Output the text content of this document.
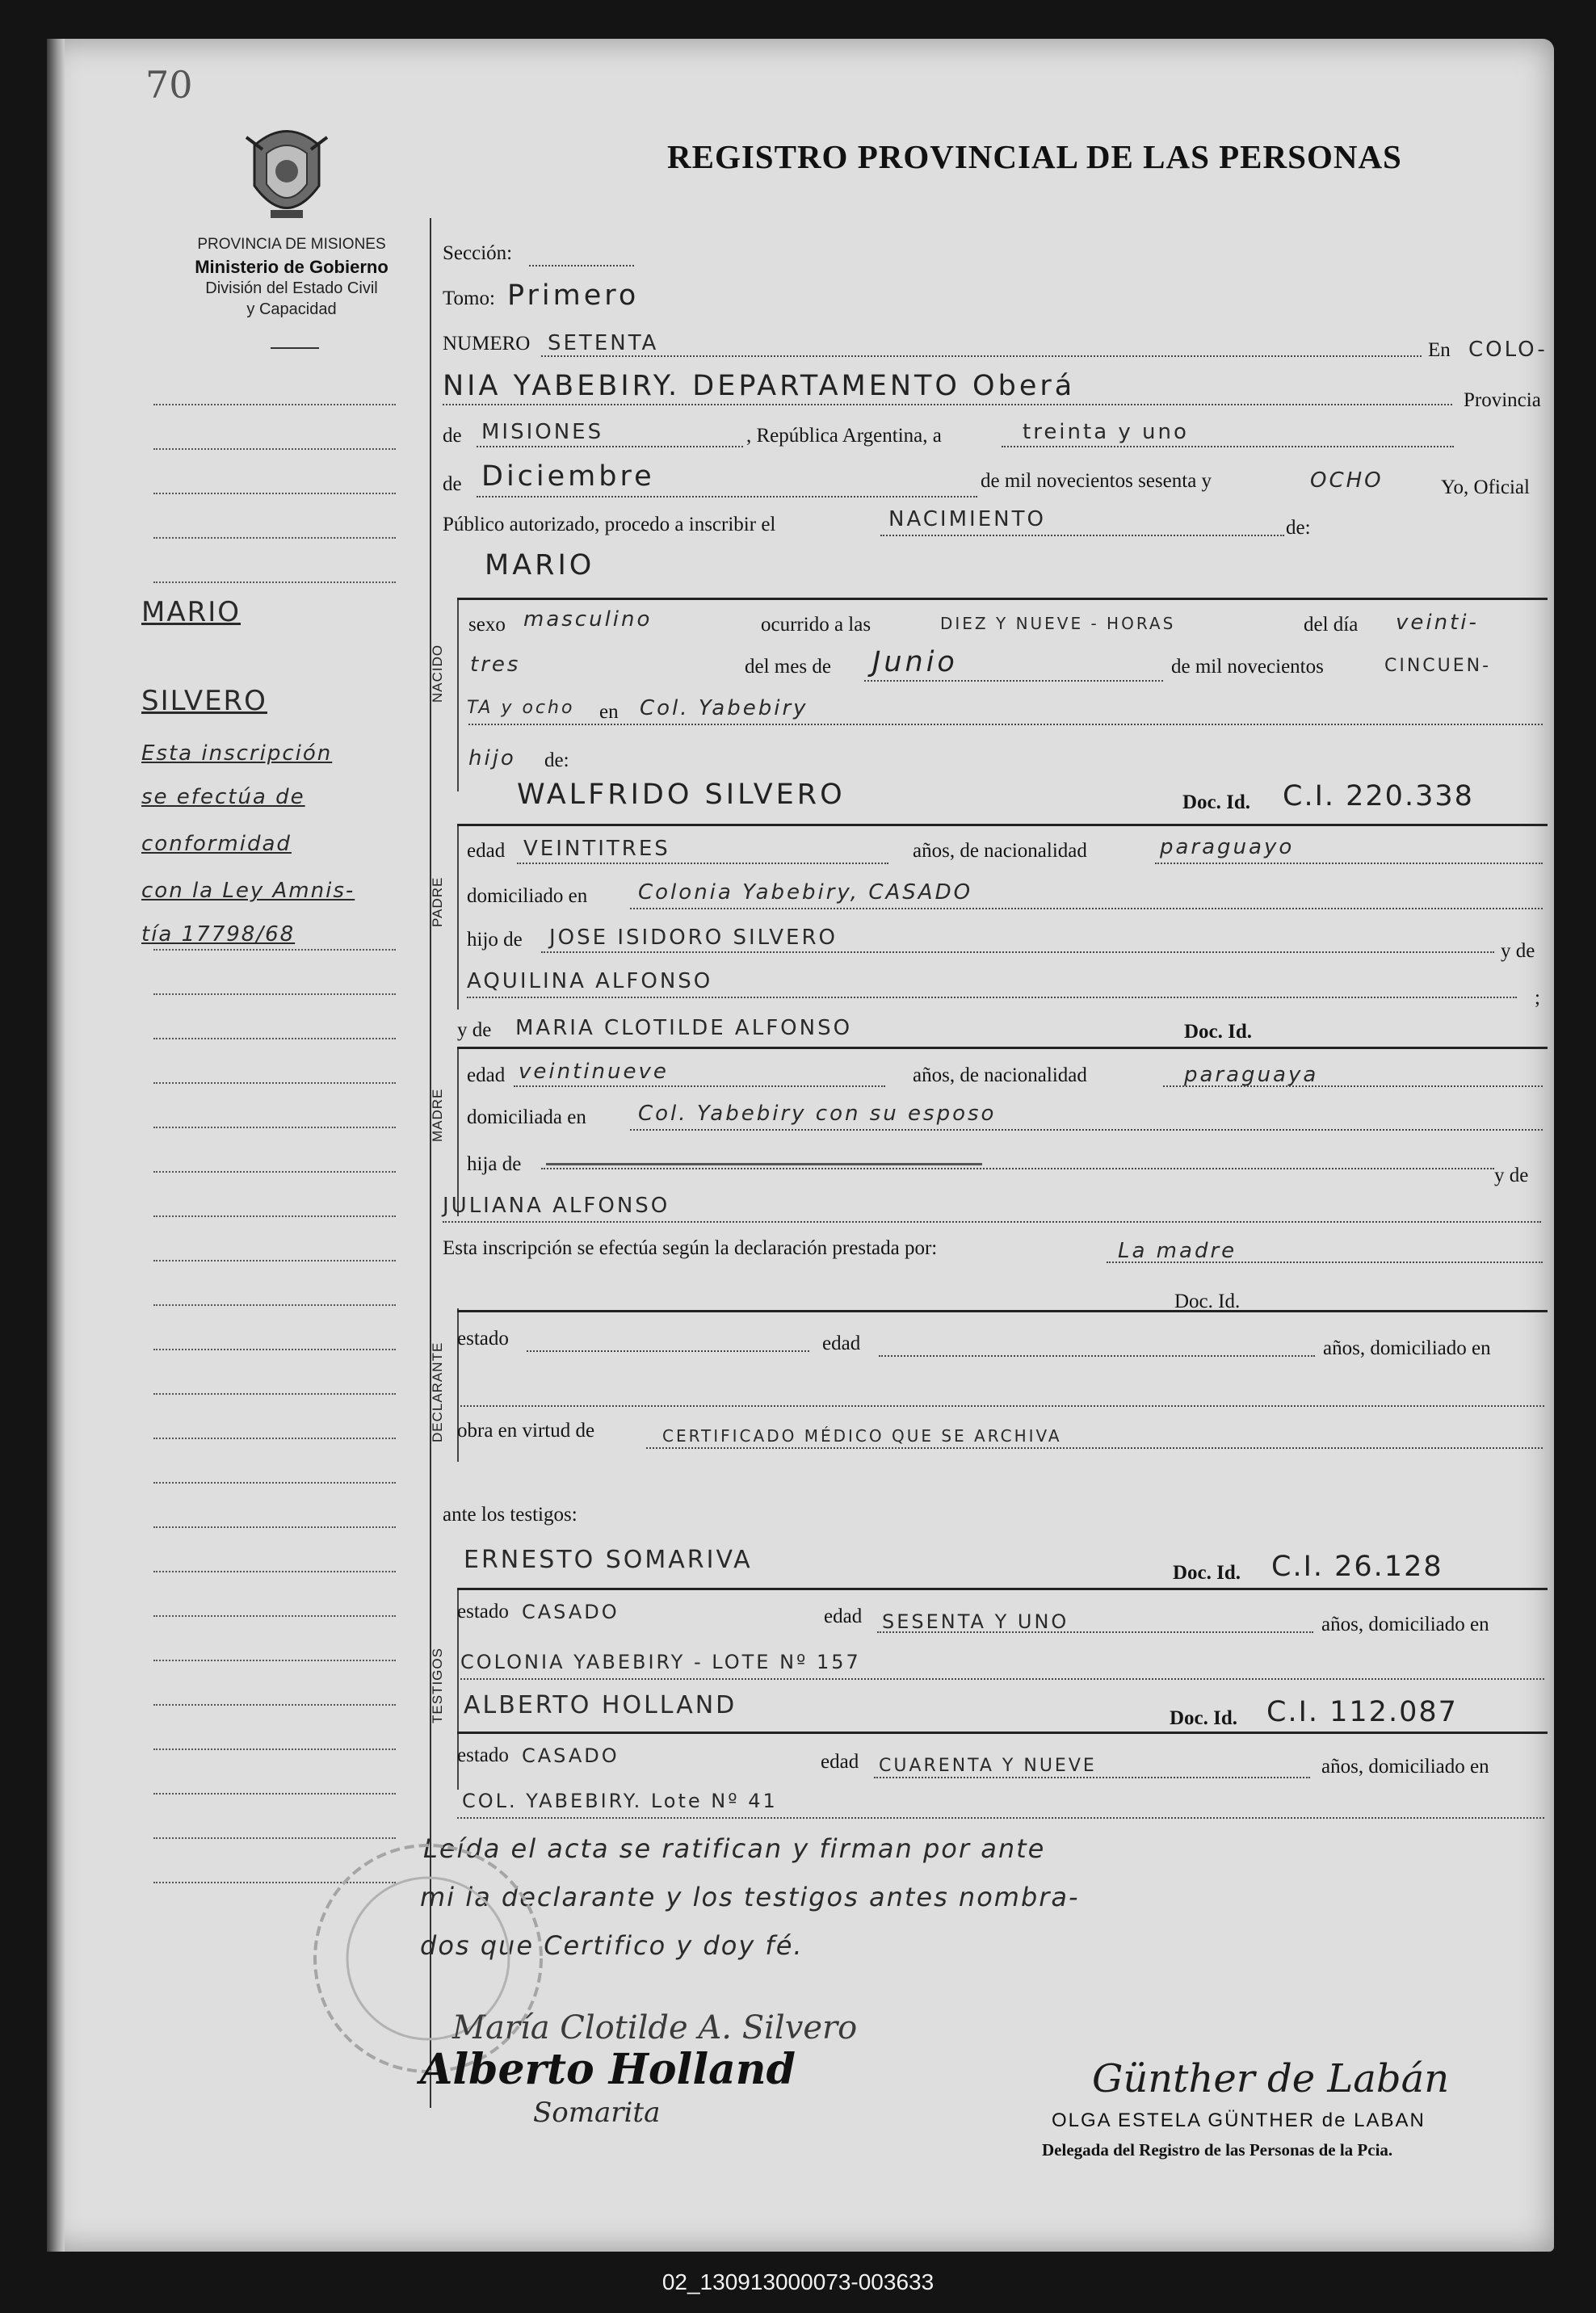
70
REGISTRO PROVINCIAL DE LAS PERSONAS
PROVINCIA DE MISIONES
Ministerio de Gobierno
División del Estado Civil
y Capacidad
MARIO
SILVERO
Esta inscripción
se efectúa de
conformidad
con la Ley Amnis-
tía 17798/68
Sección:
Tomo: Primero
NUMERO SETENTA	En COLO-
NIA YABEBIRY. DEPARTAMENTO Oberá	Provincia
de MISIONES	, República Argentina, a	treinta y uno
de Diciembre	de mil novecientos sesenta y	OCHO	Yo, Oficial
Público autorizado, procedo a inscribir el	NACIMIENTO	de:
NACIDO
MARIO
sexo masculino	ocurrido a las	DIEZ Y NUEVE - HORAS	del día veinti-
tres	del mes de Junio	de mil novecientos	CINCUEN-
TA y ocho en Col. Yabebiry
hijo de:
PADRE
WALFRIDO SILVERO	Doc. Id. C.I. 220.338
edad VEINTITRES	años, de nacionalidad	paraguayo
domiciliado en Colonia Yabebiry, CASADO
hijo de JOSE ISIDORO SILVERO
y de
AQUILINA ALFONSO
;
MADRE
y de MARIA CLOTILDE ALFONSO	Doc. Id.
edad veintinueve	años, de nacionalidad	paraguaya
domiciliada en Col. Yabebiry con su esposo
hija de
y de
JULIANA ALFONSO
Esta inscripción se efectúa según la declaración prestada por:	La madre
DECLARANTE
Doc. Id.
estado	edad	años, domiciliado en
obra en virtud de	CERTIFICADO MÉDICO QUE SE ARCHIVA
ante los testigos:
TESTIGOS
ERNESTO SOMARIVA	Doc. Id. C.I. 26.128
estado CASADO	edad SESENTA Y UNO	años, domiciliado en
COLONIA YABEBIRY - LOTE Nº 157
ALBERTO HOLLAND	Doc. Id. C.I. 112.087
estado CASADO	edad CUARENTA Y NUEVE	años, domiciliado en
COL. YABEBIRY. Lote Nº 41
Leída el acta se ratifican y firman por ante
mi la declarante y los testigos antes nombra-
dos que Certifico y doy fé.
María Clotilde A. Silvero
Alberto Holland
Somarita
Günther de Labán
OLGA ESTELA GÜNTHER de LABAN
Delegada del Registro de las Personas de la Pcia.
02_130913000073-003633
